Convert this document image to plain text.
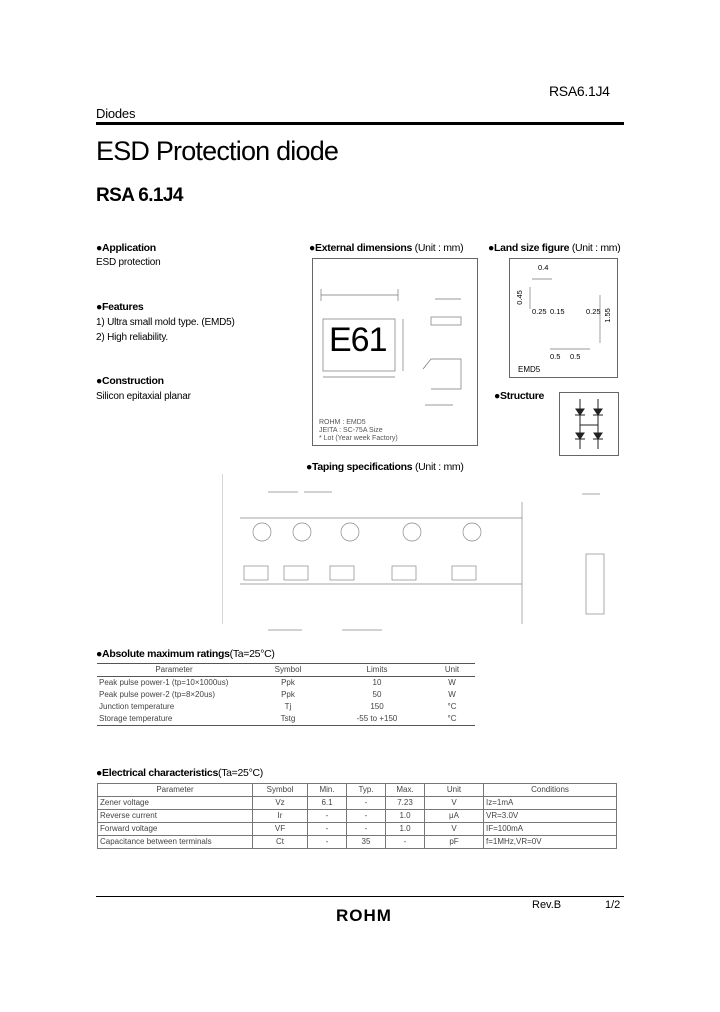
Diodes
RSA6.1J4
ESD Protection diode
RSA 6.1J4
●Application
ESD protection
●Features
1) Ultra small mold type. (EMD5)
2) High reliability.
●Construction
Silicon epitaxial planar
●External dimensions (Unit : mm)
E61
ROHM : EMD5
JEITA : SC-75A Size
* Lot (Year week Factory)
●Land size figure (Unit : mm)
0.4
0.45
0.25 0.15	0.25 1.55
0.5 0.5
EMD5
●Structure
●Taping specifications (Unit : mm)
●Absolute maximum ratings(Ta=25°C)
Parameter	Symbol	Limits	Unit
Peak pulse power-1 (tp=10×1000us)	Ppk	10	W
Peak pulse power-2 (tp=8×20us)	Ppk	50	W
Junction temperature	Tj	150	°C
Storage temperature	Tstg	-55 to +150	°C
●Electrical characteristics(Ta=25°C)
Parameter	Symbol	Min.	Typ.	Max.	Unit	Conditions
Zener voltage	Vz	6.1	-	7.23	V	Iz=1mA
Reverse current	Ir	-	-	1.0	μA	VR=3.0V
Forward voltage	VF	-	-	1.0	V	IF=100mA
Capacitance between terminals	Ct	-	35	-	pF	f=1MHz,VR=0V
Rev.B	1/2
ROHM
